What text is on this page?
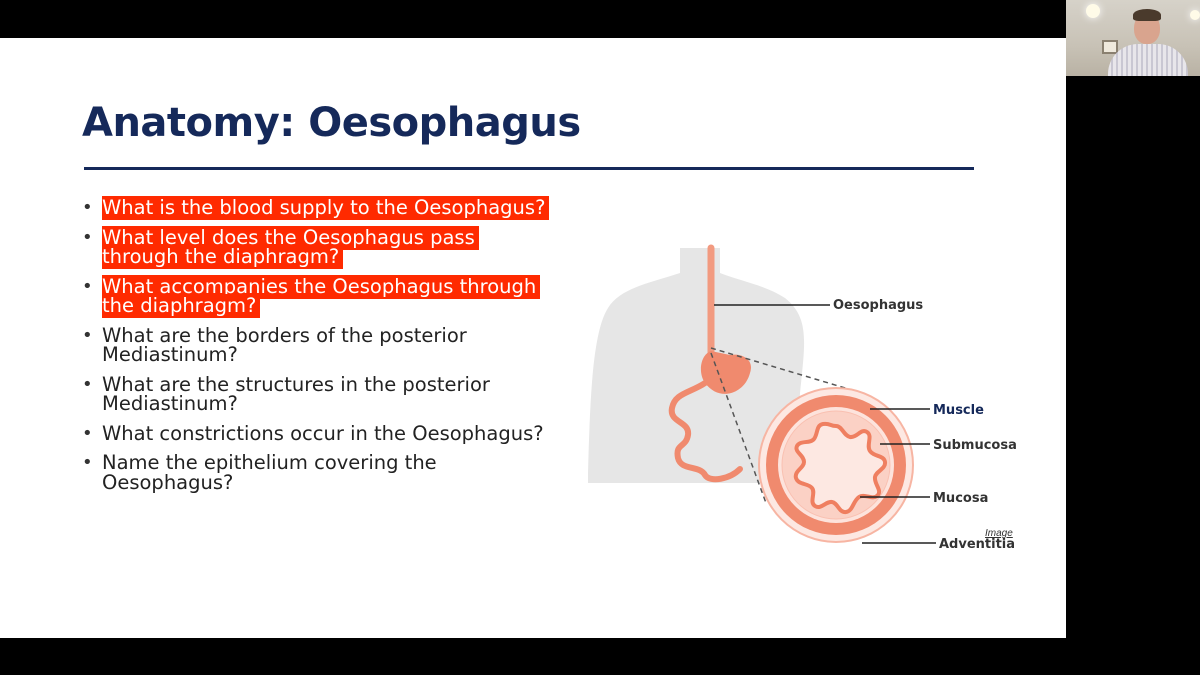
Anatomy: Oesophagus
• What is the blood supply to the Oesophagus?
• What level does the Oesophagus pass through the diaphragm?
• What accompanies the Oesophagus through the diaphragm?
• What are the borders of the posterior Mediastinum?
• What are the structures in the posterior Mediastinum?
• What constrictions occur in the Oesophagus?
• Name the epithelium covering the Oesophagus?
Oesophagus
Muscle
Submucosa
Mucosa
Adventitia
Image
